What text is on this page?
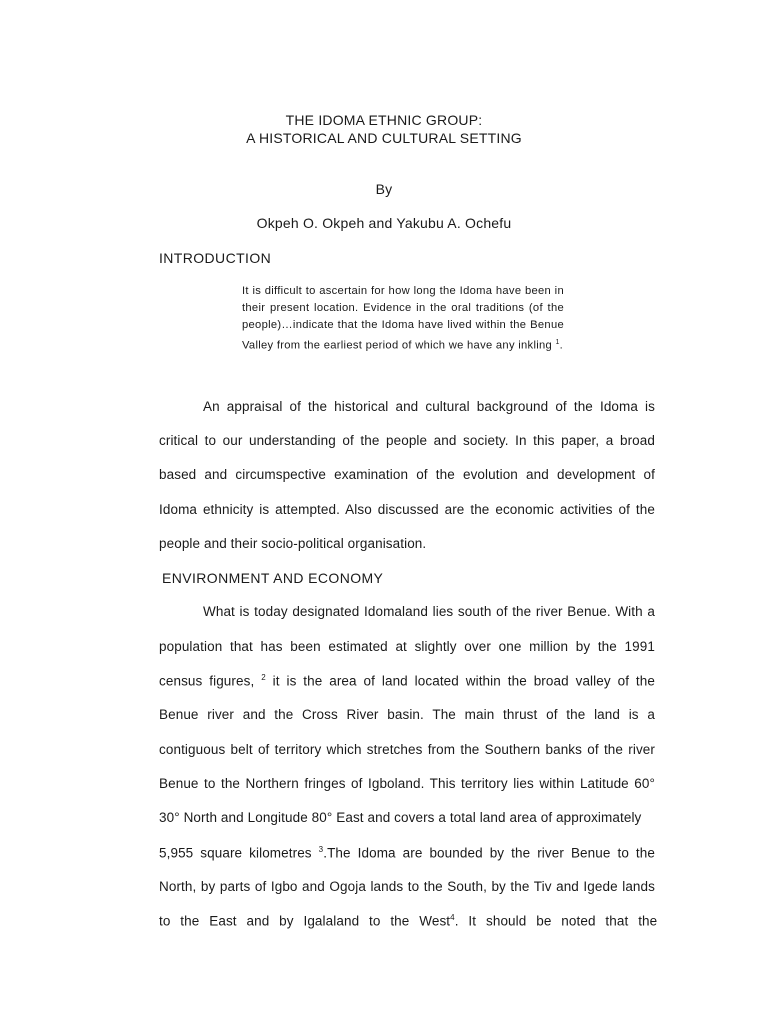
THE IDOMA ETHNIC GROUP:
A HISTORICAL AND CULTURAL SETTING
By
Okpeh O. Okpeh and Yakubu A. Ochefu
INTRODUCTION
It is difficult to ascertain for how long the Idoma have been in their present location. Evidence in the oral traditions (of the people)…indicate that the Idoma have lived within the Benue Valley from the earliest period of which we have any inkling $^1$.
An appraisal of the historical and cultural background of the Idoma is
critical to our understanding of the people and society. In this paper, a broad
based and circumspective examination of the evolution and development of
Idoma ethnicity is attempted. Also discussed are the economic activities of the
people and their socio-political organisation.
ENVIRONMENT AND ECONOMY
What is today designated Idomaland lies south of the river Benue. With a
population that has been estimated at slightly over one million by the 1991
census figures, $^2$ it is the area of land located within the broad valley of the
Benue river and the Cross River basin. The main thrust of the land is a
contiguous belt of territory which stretches from the Southern banks of the river
Benue to the Northern fringes of Igboland. This territory lies within Latitude 60°
30° North and Longitude 80° East and covers a total land area of approximately
5,955 square kilometres $^3$.The Idoma are bounded by the river Benue to the
North, by parts of Igbo and Ogoja lands to the South, by the Tiv and Igede lands
to the East and by Igalaland to the West$^4$. It should be noted that the
